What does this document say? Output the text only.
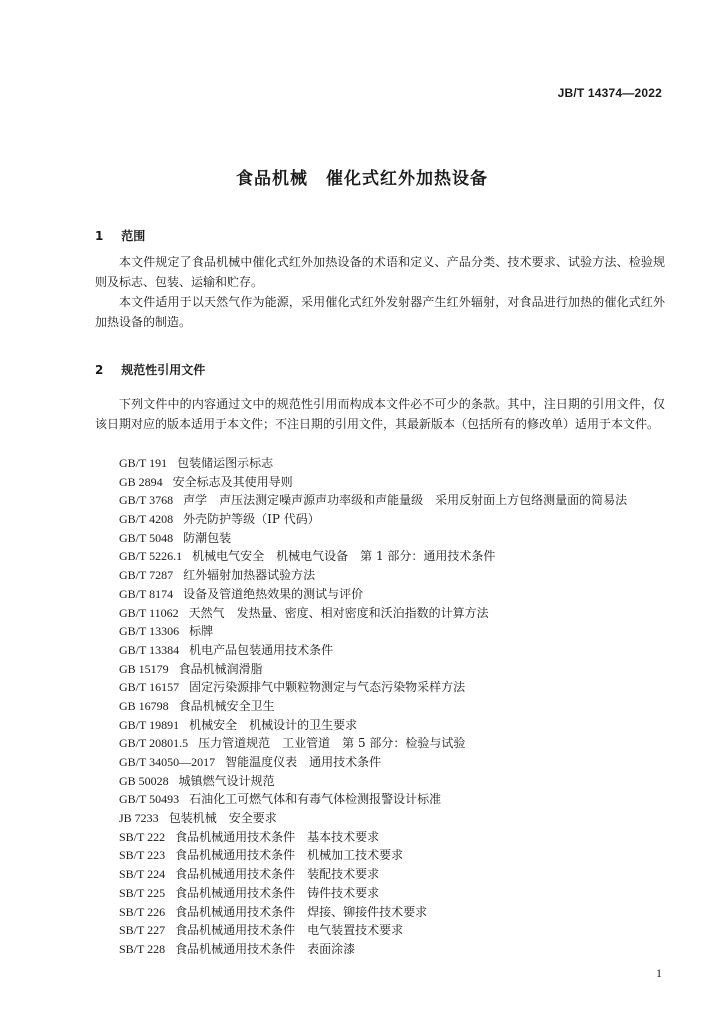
JB/T 14374—2022
食品机械　催化式红外加热设备
1 范围

本文件规定了食品机械中催化式红外加热设备的术语和定义、产品分类、技术要求、试验方法、检验规则及标志、包装、运输和贮存。

本文件适用于以天然气作为能源，采用催化式红外发射器产生红外辐射，对食品进行加热的催化式红外加热设备的制造。

2 规范性引用文件

下列文件中的内容通过文中的规范性引用而构成本文件必不可少的条款。其中，注日期的引用文件，仅该日期对应的版本适用于本文件；不注日期的引用文件，其最新版本（包括所有的修改单）适用于本文件。

GB/T 191 包装储运图示标志
GB 2894 安全标志及其使用导则
GB/T 3768 声学　声压法测定噪声源声功率级和声能量级　采用反射面上方包络测量面的简易法
GB/T 4208 外壳防护等级（IP 代码）
GB/T 5048 防潮包装
GB/T 5226.1 机械电气安全　机械电气设备　第 1 部分：通用技术条件
GB/T 7287 红外辐射加热器试验方法
GB/T 8174 设备及管道绝热效果的测试与评价
GB/T 11062 天然气　发热量、密度、相对密度和沃泊指数的计算方法
GB/T 13306 标牌
GB/T 13384 机电产品包装通用技术条件
GB 15179 食品机械润滑脂
GB/T 16157 固定污染源排气中颗粒物测定与气态污染物采样方法
GB 16798 食品机械安全卫生
GB/T 19891 机械安全　机械设计的卫生要求
GB/T 20801.5 压力管道规范　工业管道　第 5 部分：检验与试验
GB/T 34050—2017 智能温度仪表　通用技术条件
GB 50028 城镇燃气设计规范
GB/T 50493 石油化工可燃气体和有毒气体检测报警设计标准
JB 7233 包装机械　安全要求
SB/T 222 食品机械通用技术条件　基本技术要求
SB/T 223 食品机械通用技术条件　机械加工技术要求
SB/T 224 食品机械通用技术条件　装配技术要求
SB/T 225 食品机械通用技术条件　铸件技术要求
SB/T 226 食品机械通用技术条件　焊接、铆接件技术要求
SB/T 227 食品机械通用技术条件　电气装置技术要求
SB/T 228 食品机械通用技术条件　表面涂漆
1
